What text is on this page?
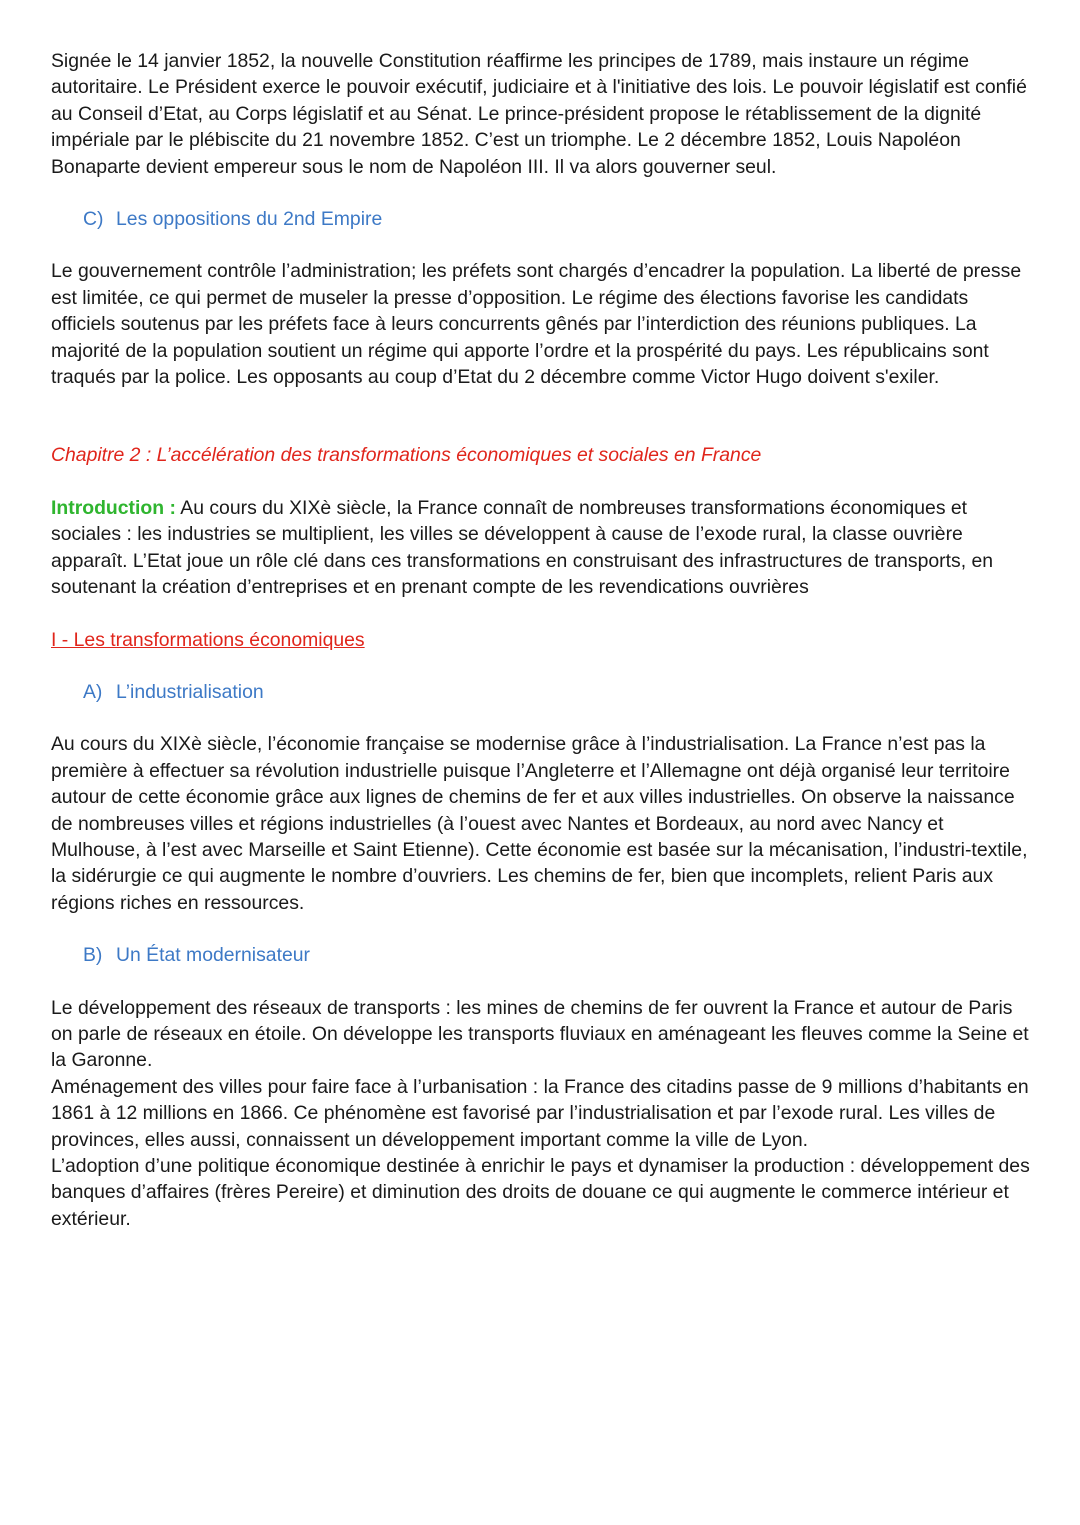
Signée le 14 janvier 1852, la nouvelle Constitution réaffirme les principes de 1789, mais instaure un régime autoritaire. Le Président exerce le pouvoir exécutif, judiciaire et à l'initiative des lois. Le pouvoir législatif est confié au Conseil d’Etat, au Corps législatif et au Sénat. Le prince-président propose le rétablissement de la dignité impériale par le plébiscite du 21 novembre 1852. C’est un triomphe. Le 2 décembre 1852, Louis Napoléon Bonaparte devient empereur sous le nom de Napoléon III. Il va alors gouverner seul.

C) Les oppositions du 2nd Empire

Le gouvernement contrôle l’administration; les préfets sont chargés d’encadrer la population. La liberté de presse est limitée, ce qui permet de museler la presse d’opposition. Le régime des élections favorise les candidats officiels soutenus par les préfets face à leurs concurrents gênés par l’interdiction des réunions publiques. La majorité de la population soutient un régime qui apporte l’ordre et la prospérité du pays. Les républicains sont traqués par la police. Les opposants au coup d’Etat du 2 décembre comme Victor Hugo doivent s'exiler.

Chapitre 2 : L’accélération des transformations économiques et sociales en France

Introduction : Au cours du XIXè siècle, la France connaît de nombreuses transformations économiques et sociales : les industries se multiplient, les villes se développent à cause de l’exode rural, la classe ouvrière apparaît. L’Etat joue un rôle clé dans ces transformations en construisant des infrastructures de transports, en soutenant la création d’entreprises et en prenant compte de les revendications ouvrières

I - Les transformations économiques
A) L’industrialisation

Au cours du XIXè siècle, l’économie française se modernise grâce à l’industrialisation. La France n’est pas la première à effectuer sa révolution industrielle puisque l’Angleterre et l’Allemagne ont déjà organisé leur territoire autour de cette économie grâce aux lignes de chemins de fer et aux villes industrielles. On observe la naissance de nombreuses villes et régions industrielles (à l’ouest avec Nantes et Bordeaux, au nord avec Nancy et Mulhouse, à l’est avec Marseille et Saint Etienne). Cette économie est basée sur la mécanisation, l’industri-textile, la sidérurgie ce qui augmente le nombre d’ouvriers. Les chemins de fer, bien que incomplets, relient Paris aux régions riches en ressources.

B) Un État modernisateur

Le développement des réseaux de transports : les mines de chemins de fer ouvrent la France et autour de Paris on parle de réseaux en étoile. On développe les transports fluviaux en aménageant les fleuves comme la Seine et la Garonne.

Aménagement des villes pour faire face à l’urbanisation : la France des citadins passe de 9 millions d’habitants en 1861 à 12 millions en 1866. Ce phénomène est favorisé par l’industrialisation et par l’exode rural. Les villes de provinces, elles aussi, connaissent un développement important comme la ville de Lyon.

L’adoption d’une politique économique destinée à enrichir le pays et dynamiser la production : développement des banques d’affaires (frères Pereire) et diminution des droits de douane ce qui augmente le commerce intérieur et extérieur.
